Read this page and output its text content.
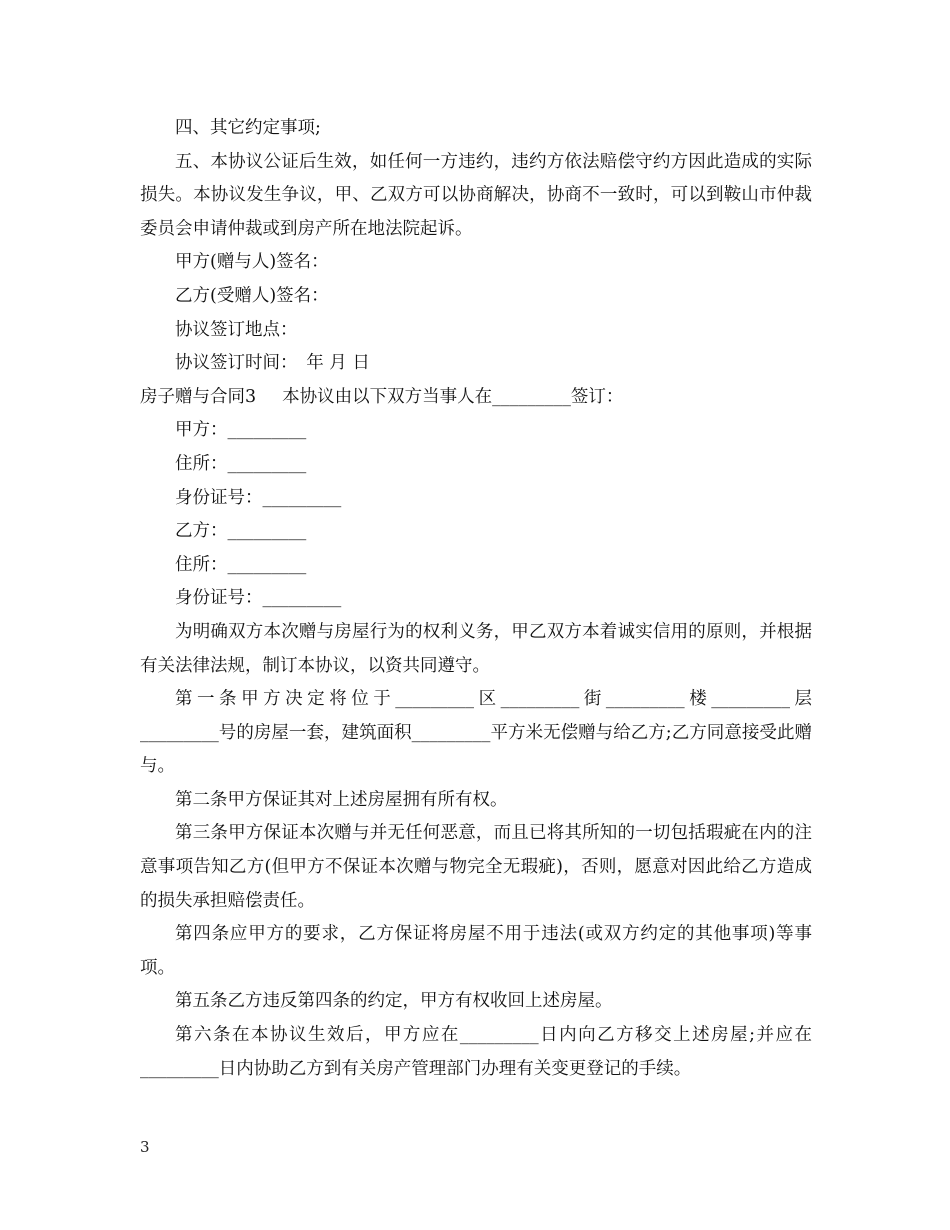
四、其它约定事项;

五、本协议公证后生效，如任何一方违约，违约方依法赔偿守约方因此造成的实际损失。本协议发生争议，甲、乙双方可以协商解决，协商不一致时，可以到鞍山市仲裁委员会申请仲裁或到房产所在地法院起诉。

甲方(赠与人)签名：

乙方(受赠人)签名：

协议签订地点：

协议签订时间：　年 月 日

房子赠与合同3 本协议由以下双方当事人在_________签订：

甲方：_________

住所：_________

身份证号：_________

乙方：_________

住所：_________

身份证号：_________

为明确双方本次赠与房屋行为的权利义务，甲乙双方本着诚实信用的原则，并根据有关法律法规，制订本协议，以资共同遵守。

第一条甲方决定将位于_________区_________街_________楼_________层_________号的房屋一套，建筑面积_________平方米无偿赠与给乙方;乙方同意接受此赠与。

第二条甲方保证其对上述房屋拥有所有权。

第三条甲方保证本次赠与并无任何恶意，而且已将其所知的一切包括瑕疵在内的注意事项告知乙方(但甲方不保证本次赠与物完全无瑕疵)，否则，愿意对因此给乙方造成的损失承担赔偿责任。

第四条应甲方的要求，乙方保证将房屋不用于违法(或双方约定的其他事项)等事项。

第五条乙方违反第四条的约定，甲方有权收回上述房屋。

第六条在本协议生效后，甲方应在_________日内向乙方移交上述房屋;并应在_________日内协助乙方到有关房产管理部门办理有关变更登记的手续。

3
